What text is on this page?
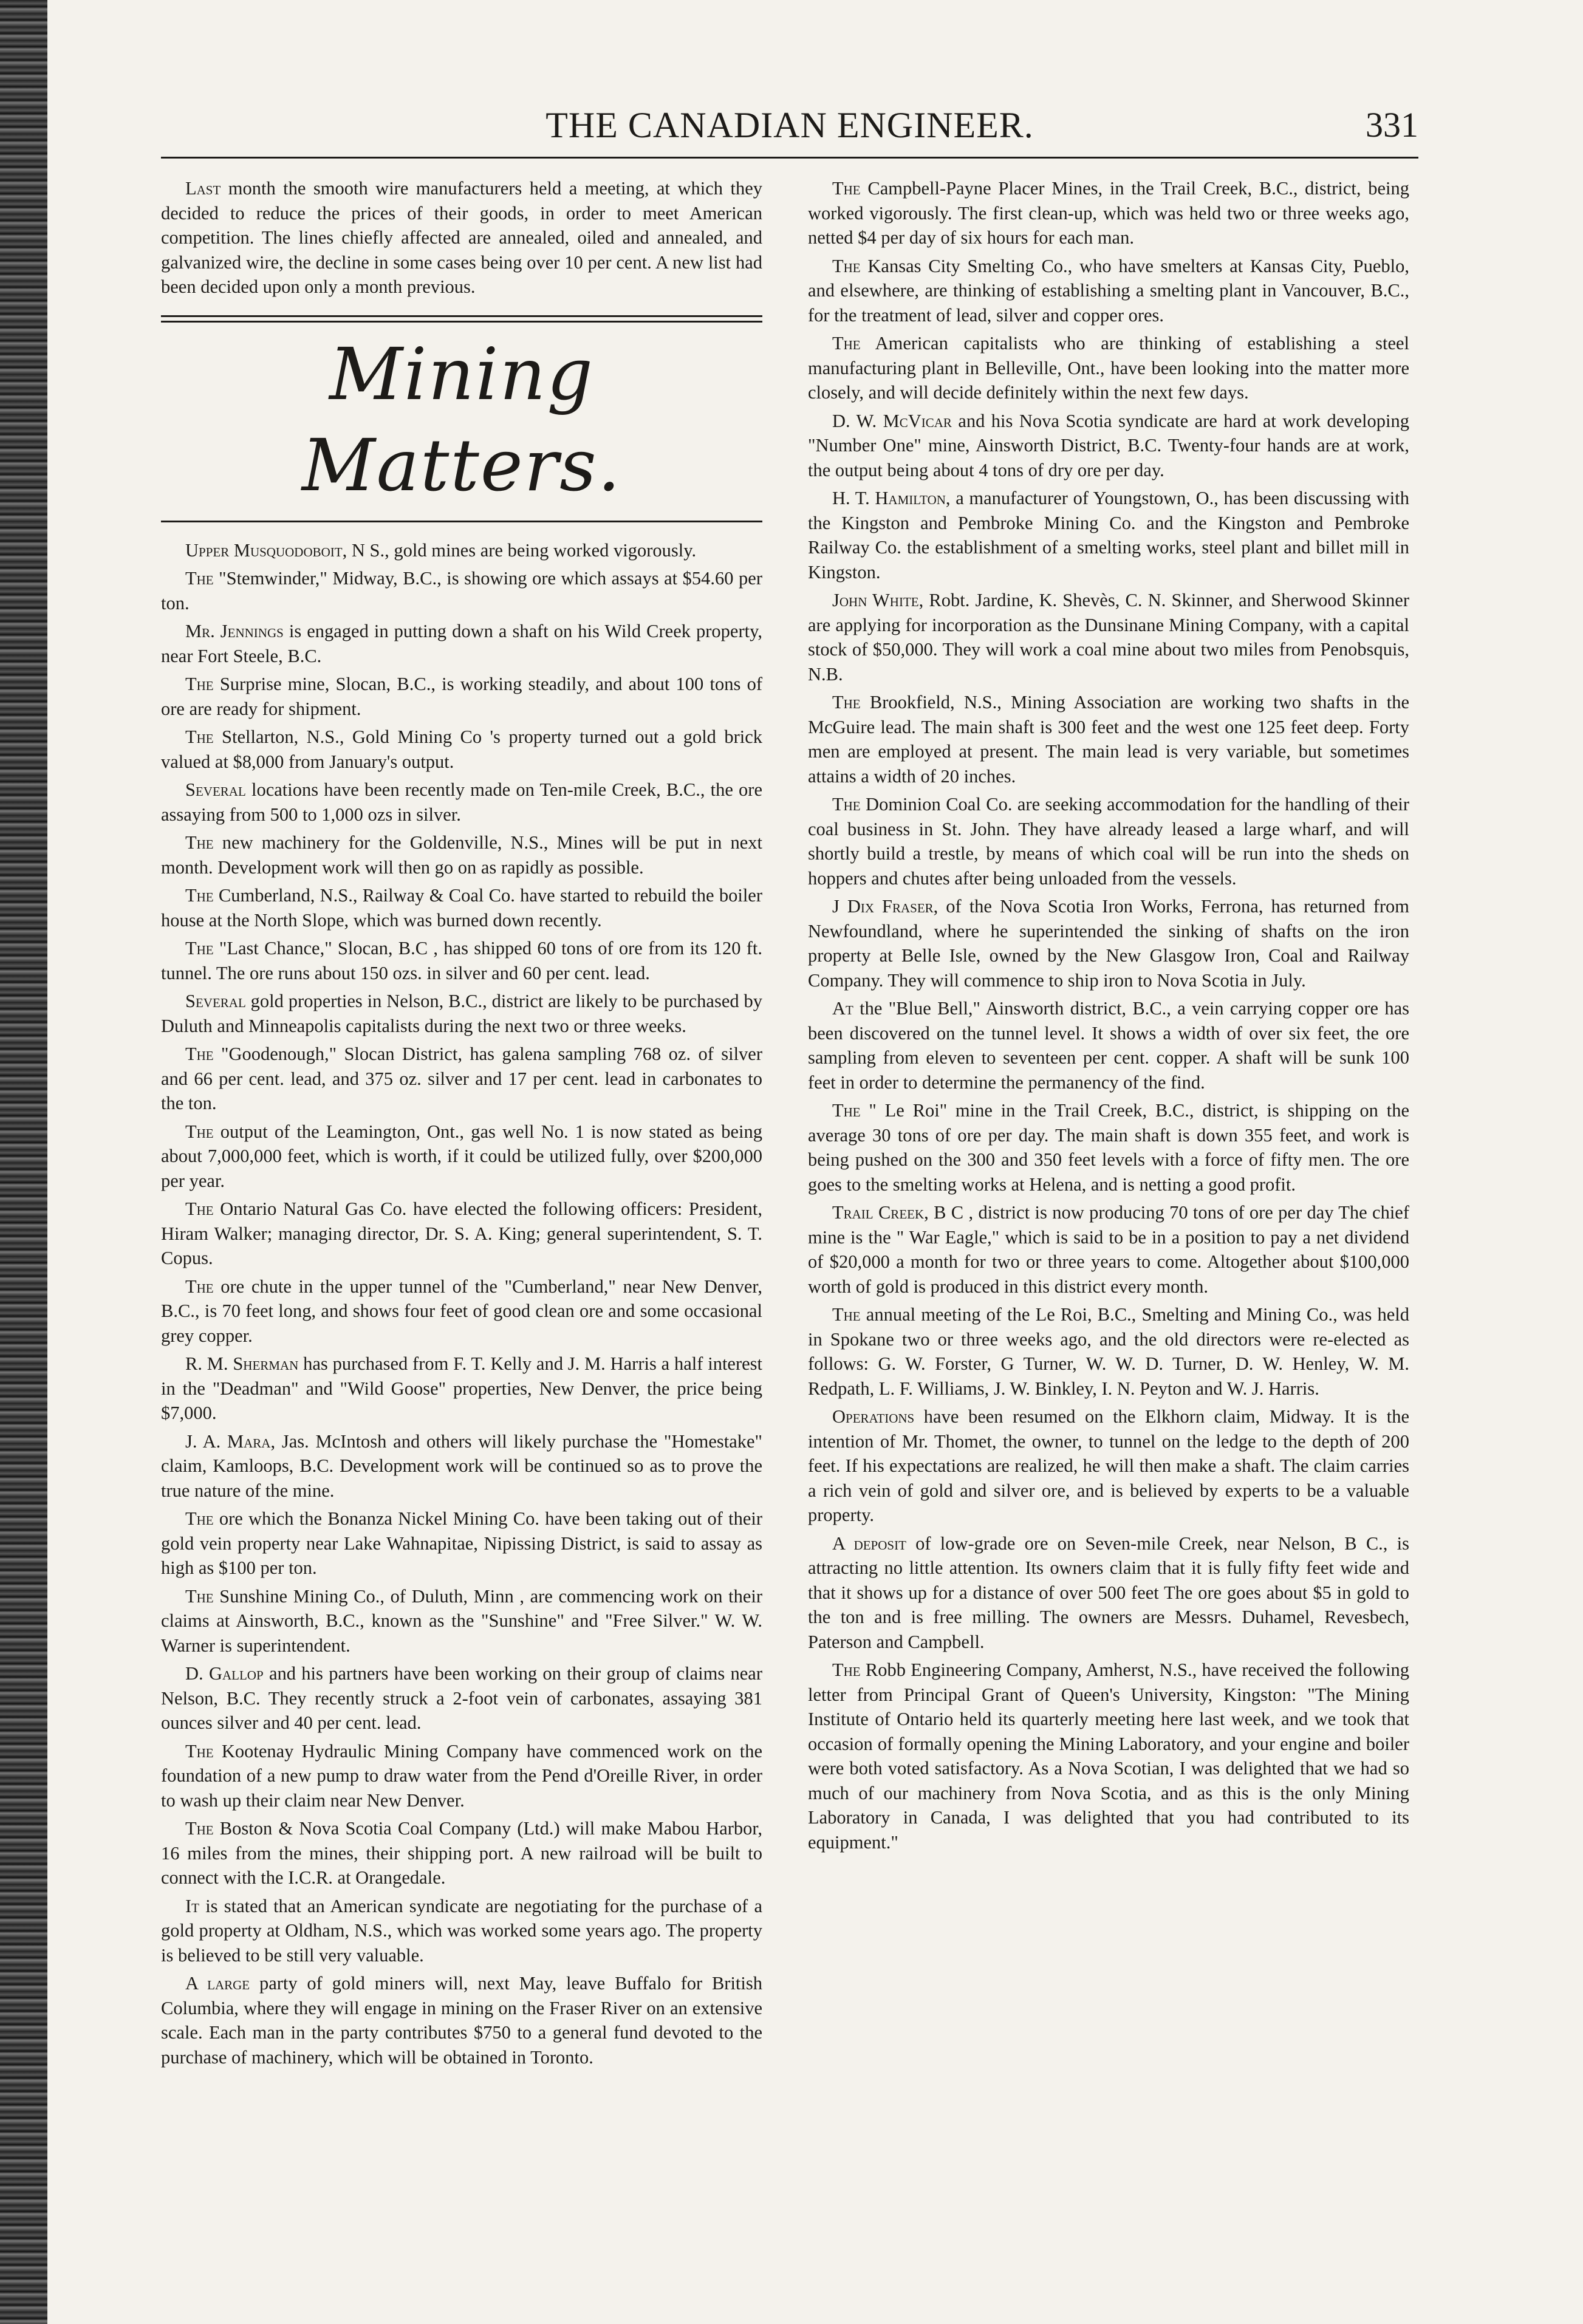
THE CANADIAN ENGINEER.	331

Last month the smooth wire manufacturers held a meeting, at which they decided to reduce the prices of their goods, in order to meet American competition. The lines chiefly affected are annealed, oiled and annealed, and galvanized wire, the decline in some cases being over 10 per cent. A new list had been decided upon only a month previous.

Mining Matters.

Upper Musquodoboit, N S., gold mines are being worked vigorously.

The "Stemwinder," Midway, B.C., is showing ore which assays at $54.60 per ton.

Mr. Jennings is engaged in putting down a shaft on his Wild Creek property, near Fort Steele, B.C.

The Surprise mine, Slocan, B.C., is working steadily, and about 100 tons of ore are ready for shipment.

The Stellarton, N.S., Gold Mining Co 's property turned out a gold brick valued at $8,000 from January's output.

Several locations have been recently made on Ten-mile Creek, B.C., the ore assaying from 500 to 1,000 ozs in silver.

The new machinery for the Goldenville, N.S., Mines will be put in next month. Development work will then go on as rapidly as possible.

The Cumberland, N.S., Railway & Coal Co. have started to rebuild the boiler house at the North Slope, which was burned down recently.

The "Last Chance," Slocan, B.C , has shipped 60 tons of ore from its 120 ft. tunnel. The ore runs about 150 ozs. in silver and 60 per cent. lead.

Several gold properties in Nelson, B.C., district are likely to be purchased by Duluth and Minneapolis capitalists during the next two or three weeks.

The "Goodenough," Slocan District, has galena sampling 768 oz. of silver and 66 per cent. lead, and 375 oz. silver and 17 per cent. lead in carbonates to the ton.

The output of the Leamington, Ont., gas well No. 1 is now stated as being about 7,000,000 feet, which is worth, if it could be utilized fully, over $200,000 per year.

The Ontario Natural Gas Co. have elected the following officers: President, Hiram Walker; managing director, Dr. S. A. King; general superintendent, S. T. Copus.

The ore chute in the upper tunnel of the "Cumberland," near New Denver, B.C., is 70 feet long, and shows four feet of good clean ore and some occasional grey copper.

R. M. Sherman has purchased from F. T. Kelly and J. M. Harris a half interest in the "Deadman" and "Wild Goose" properties, New Denver, the price being $7,000.

J. A. Mara, Jas. McIntosh and others will likely purchase the "Homestake" claim, Kamloops, B.C. Development work will be continued so as to prove the true nature of the mine.

The ore which the Bonanza Nickel Mining Co. have been taking out of their gold vein property near Lake Wahnapitae, Nipissing District, is said to assay as high as $100 per ton.

The Sunshine Mining Co., of Duluth, Minn , are commencing work on their claims at Ainsworth, B.C., known as the "Sunshine" and "Free Silver." W. W. Warner is superintendent.

D. Gallop and his partners have been working on their group of claims near Nelson, B.C. They recently struck a 2-foot vein of carbonates, assaying 381 ounces silver and 40 per cent. lead.

The Kootenay Hydraulic Mining Company have commenced work on the foundation of a new pump to draw water from the Pend d'Oreille River, in order to wash up their claim near New Denver.

The Boston & Nova Scotia Coal Company (Ltd.) will make Mabou Harbor, 16 miles from the mines, their shipping port. A new railroad will be built to connect with the I.C.R. at Orangedale.

It is stated that an American syndicate are negotiating for the purchase of a gold property at Oldham, N.S., which was worked some years ago. The property is believed to be still very valuable.

A large party of gold miners will, next May, leave Buffalo for British Columbia, where they will engage in mining on the Fraser River on an extensive scale. Each man in the party contributes $750 to a general fund devoted to the purchase of machinery, which will be obtained in Toronto.

The Campbell-Payne Placer Mines, in the Trail Creek, B.C., district, being worked vigorously. The first clean-up, which was held two or three weeks ago, netted $4 per day of six hours for each man.

The Kansas City Smelting Co., who have smelters at Kansas City, Pueblo, and elsewhere, are thinking of establishing a smelting plant in Vancouver, B.C., for the treatment of lead, silver and copper ores.

The American capitalists who are thinking of establishing a steel manufacturing plant in Belleville, Ont., have been looking into the matter more closely, and will decide definitely within the next few days.

D. W. McVicar and his Nova Scotia syndicate are hard at work developing "Number One" mine, Ainsworth District, B.C. Twenty-four hands are at work, the output being about 4 tons of dry ore per day.

H. T. Hamilton, a manufacturer of Youngstown, O., has been discussing with the Kingston and Pembroke Mining Co. and the Kingston and Pembroke Railway Co. the establishment of a smelting works, steel plant and billet mill in Kingston.

John White, Robt. Jardine, K. Shevès, C. N. Skinner, and Sherwood Skinner are applying for incorporation as the Dunsinane Mining Company, with a capital stock of $50,000. They will work a coal mine about two miles from Penobsquis, N.B.

The Brookfield, N.S., Mining Association are working two shafts in the McGuire lead. The main shaft is 300 feet and the west one 125 feet deep. Forty men are employed at present. The main lead is very variable, but sometimes attains a width of 20 inches.

The Dominion Coal Co. are seeking accommodation for the handling of their coal business in St. John. They have already leased a large wharf, and will shortly build a trestle, by means of which coal will be run into the sheds on hoppers and chutes after being unloaded from the vessels.

J Dix Fraser, of the Nova Scotia Iron Works, Ferrona, has returned from Newfoundland, where he superintended the sinking of shafts on the iron property at Belle Isle, owned by the New Glasgow Iron, Coal and Railway Company. They will commence to ship iron to Nova Scotia in July.

At the "Blue Bell," Ainsworth district, B.C., a vein carrying copper ore has been discovered on the tunnel level. It shows a width of over six feet, the ore sampling from eleven to seventeen per cent. copper. A shaft will be sunk 100 feet in order to determine the permanency of the find.

The " Le Roi" mine in the Trail Creek, B.C., district, is shipping on the average 30 tons of ore per day. The main shaft is down 355 feet, and work is being pushed on the 300 and 350 feet levels with a force of fifty men. The ore goes to the smelting works at Helena, and is netting a good profit.

Trail Creek, B C , district is now producing 70 tons of ore per day The chief mine is the " War Eagle," which is said to be in a position to pay a net dividend of $20,000 a month for two or three years to come. Altogether about $100,000 worth of gold is produced in this district every month.

The annual meeting of the Le Roi, B.C., Smelting and Mining Co., was held in Spokane two or three weeks ago, and the old directors were re-elected as follows: G. W. Forster, G Turner, W. W. D. Turner, D. W. Henley, W. M. Redpath, L. F. Williams, J. W. Binkley, I. N. Peyton and W. J. Harris.

Operations have been resumed on the Elkhorn claim, Midway. It is the intention of Mr. Thomet, the owner, to tunnel on the ledge to the depth of 200 feet. If his expectations are realized, he will then make a shaft. The claim carries a rich vein of gold and silver ore, and is believed by experts to be a valuable property.

A deposit of low-grade ore on Seven-mile Creek, near Nelson, B C., is attracting no little attention. Its owners claim that it is fully fifty feet wide and that it shows up for a distance of over 500 feet The ore goes about $5 in gold to the ton and is free milling. The owners are Messrs. Duhamel, Revesbech, Paterson and Campbell.

The Robb Engineering Company, Amherst, N.S., have received the following letter from Principal Grant of Queen's University, Kingston: "The Mining Institute of Ontario held its quarterly meeting here last week, and we took that occasion of formally opening the Mining Laboratory, and your engine and boiler were both voted satisfactory. As a Nova Scotian, I was delighted that we had so much of our machinery from Nova Scotia, and as this is the only Mining Laboratory in Canada, I was delighted that you had contributed to its equipment."
